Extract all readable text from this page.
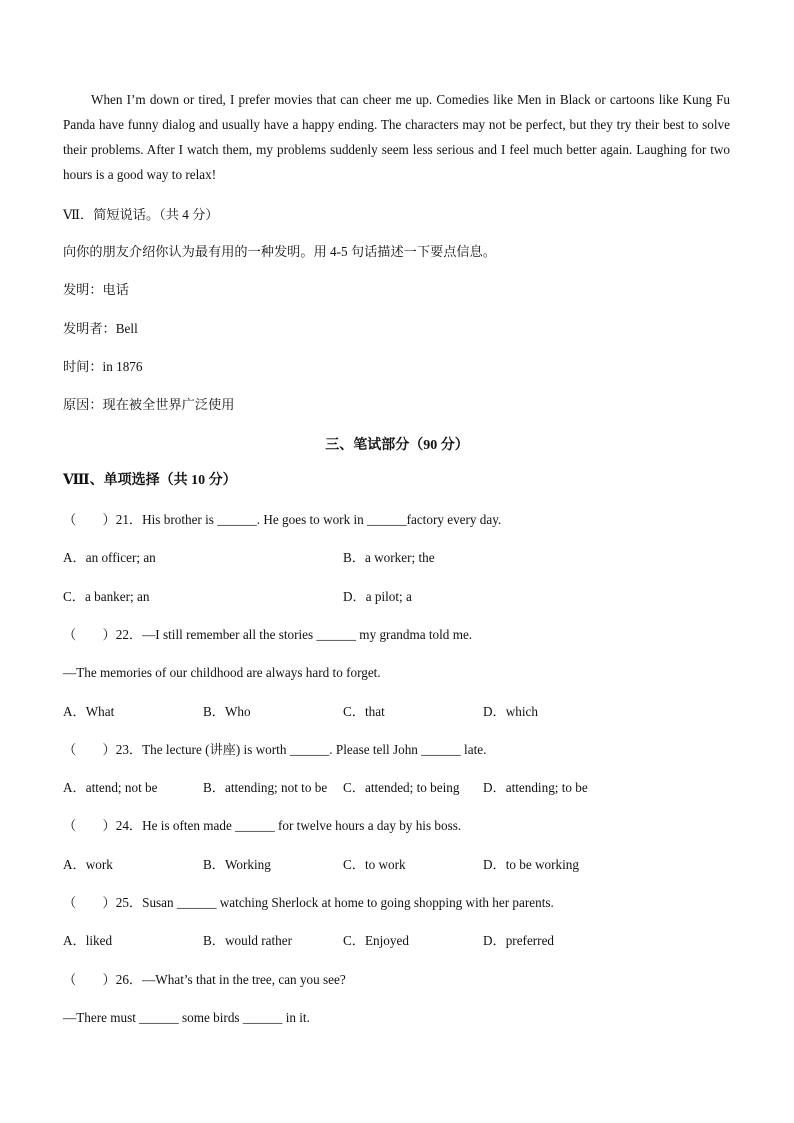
When I’m down or tired, I prefer movies that can cheer me up. Comedies like Men in Black or cartoons like Kung Fu Panda have funny dialog and usually have a happy ending. The characters may not be perfect, but they try their best to solve their problems. After I watch them, my problems suddenly seem less serious and I feel much better again. Laughing for two hours is a good way to relax!

Ⅶ．简短说话。（共 4 分）
向你的朋友介绍你认为最有用的一种发明。用 4-5 句话描述一下要点信息。
发明：电话
发明者：Bell
时间：in 1876
原因：现在被全世界广泛使用
三、笔试部分（90 分）
Ⅷ、单项选择（共 10 分）
（　　）21．His brother is ______. He goes to work in ______factory every day.
A．an officer; an	B．a worker; the
C．a banker; an	D．a pilot; a
（　　）22．—I still remember all the stories ______ my grandma told me.
—The memories of our childhood are always hard to forget.
A．What	B．Who	C．that	D．which
（　　）23．The lecture (讲座) is worth ______. Please tell John ______ late.
A．attend; not be	B．attending; not to be C．attended; to being D．attending; to be
（　　）24．He is often made ______ for twelve hours a day by his boss.
A．work	B．Working	C．to work	D．to be working
（　　）25．Susan ______ watching Sherlock at home to going shopping with her parents.
A．liked	B．would rather	C．Enjoyed	D．preferred
（　　）26．—What’s that in the tree, can you see?
—There must ______ some birds ______ in it.
